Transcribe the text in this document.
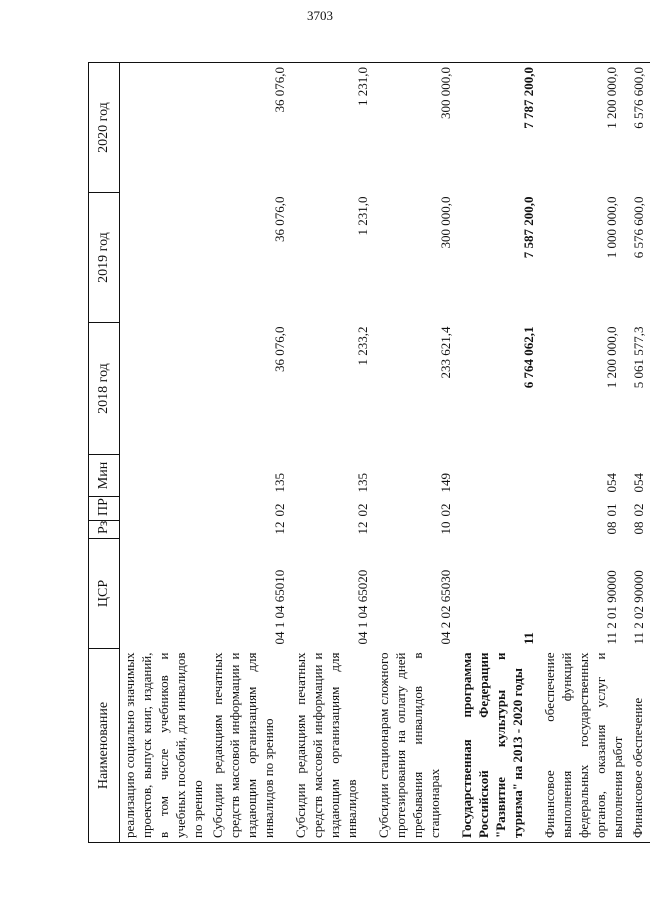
3703
Наименование	ЦСР	Рз	ПР	Мин	2018 год	2019 год	2020 год
реализацию социально значимых проектов, выпуск книг, изданий, в том числе учебников и учебных пособий, для инвалидов по зрению							
Субсидии редакциям печатных средств массовой информации и издающим организациям для инвалидов по зрению	04 1 04 65010	12	02	135	36 076,0	36 076,0	36 076,0
Субсидии редакциям печатных средств массовой информации и издающим организациям для инвалидов	04 1 04 65020	12	02	135	1 233,2	1 231,0	1 231,0
Субсидии стационарам сложного протезирования на оплату дней пребывания инвалидов в стационарах	04 2 02 65030	10	02	149	233 621,4	300 000,0	300 000,0
Государственная программа Российской Федерации "Развитие культуры и туризма" на 2013 - 2020 годы	11				6 764 062,1	7 587 200,0	7 787 200,0
Финансовое обеспечение выполнения функций федеральных государственных органов, оказания услуг и выполнения работ	11 2 01 90000	08	01	054	1 200 000,0	1 000 000,0	1 200 000,0
Финансовое обеспечение	11 2 02 90000	08	02	054	5 061 577,3	6 576 600,0	6 576 600,0
